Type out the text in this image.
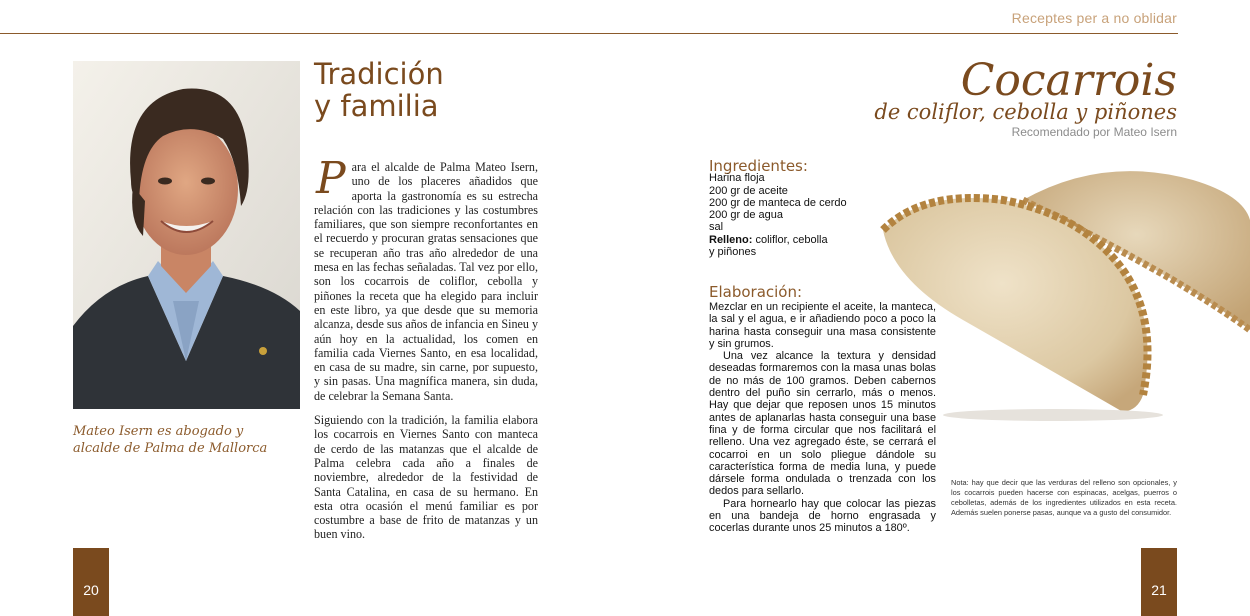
Receptes per a no oblidar
Mateo Isern es abogado y
alcalde de Palma de Mallorca
Tradición
y familia

Para el alcalde de Palma Mateo Isern, uno de los placeres añadidos que aporta la gastronomía es su estrecha relación con las tradiciones y las costumbres familiares, que son siempre reconfortantes en el recuerdo y procuran gratas sensaciones que se recuperan año tras año alrededor de una mesa en las fechas señaladas. Tal vez por ello, son los cocarrois de coliflor, cebolla y piñones la receta que ha elegido para incluir en este libro, ya que desde que su memoria alcanza, desde sus años de infancia en Sineu y aún hoy en la actualidad, los comen en familia cada Viernes Santo, en esa localidad, en casa de su madre, sin carne, por supuesto, y sin pasas. Una magnífica manera, sin duda, de celebrar la Semana Santa.

Siguiendo con la tradición, la familia elabora los cocarrois en Viernes Santo con manteca de cerdo de las matanzas que el alcalde de Palma celebra cada año a finales de noviembre, alrededor de la festividad de Santa Catalina, en casa de su hermano. En esta otra ocasión el menú familiar es por costumbre a base de frito de matanzas y un buen vino.

20
Cocarrois
de coliflor, cebolla y piñones
Recomendado por Mateo Isern
Ingredientes:
Harina floja
200 gr de aceite
200 gr de manteca de cerdo
200 gr de agua
sal
Relleno: coliflor, cebolla
y piñones
Elaboración:

Mezclar en un recipiente el aceite, la manteca, la sal y el agua, e ir añadiendo poco a poco la harina hasta conseguir una masa consistente y sin grumos.

Una vez alcance la textura y densidad deseadas formaremos con la masa unas bolas de no más de 100 gramos. Deben cabernos dentro del puño sin cerrarlo, más o menos. Hay que dejar que reposen unos 15 minutos antes de aplanarlas hasta conseguir una base fina y de forma circular que nos facilitará el relleno. Una vez agregado éste, se cerrará el cocarroi en un solo pliegue dándole su característica forma de media luna, y puede dársele forma ondulada o trenzada con los dedos para sellarlo.

Para hornearlo hay que colocar las piezas en una bandeja de horno engrasada y cocerlas durante unos 25 minutos a 180º.

Nota: hay que decir que las verduras del relleno son opcionales, y los cocarrois pueden hacerse con espinacas, acelgas, puerros o cebolletas, además de los ingredientes utilizados en esta receta. Además suelen ponerse pasas, aunque va a gusto del consumidor.
21
